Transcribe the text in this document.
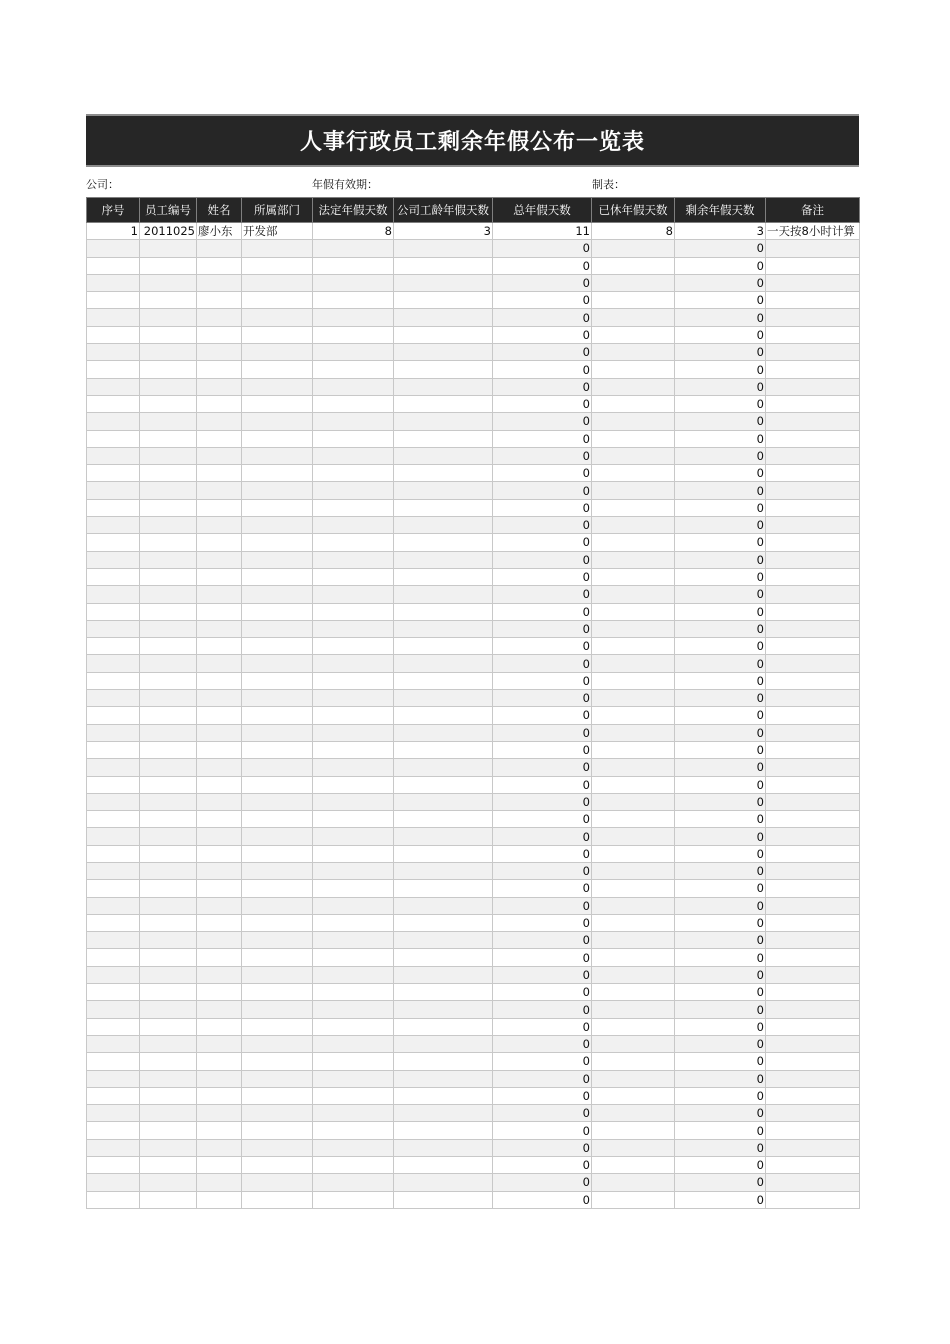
人事行政员工剩余年假公布一览表
公司：	年假有效期：	制表：
序号	员工编号	姓名	所属部门	法定年假天数	公司工龄年假天数	总年假天数	已休年假天数	剩余年假天数	备注
1	2011025	廖小东	开发部	8	3	11	8	3	一天按8小时计算
						0		0	
						0		0	
						0		0	
						0		0	
						0		0	
						0		0	
						0		0	
						0		0	
						0		0	
						0		0	
						0		0	
						0		0	
						0		0	
						0		0	
						0		0	
						0		0	
						0		0	
						0		0	
						0		0	
						0		0	
						0		0	
						0		0	
						0		0	
						0		0	
						0		0	
						0		0	
						0		0	
						0		0	
						0		0	
						0		0	
						0		0	
						0		0	
						0		0	
						0		0	
						0		0	
						0		0	
						0		0	
						0		0	
						0		0	
						0		0	
						0		0	
						0		0	
						0		0	
						0		0	
						0		0	
						0		0	
						0		0	
						0		0	
						0		0	
						0		0	
						0		0	
						0		0	
						0		0	
						0		0	
						0		0	
						0		0	
